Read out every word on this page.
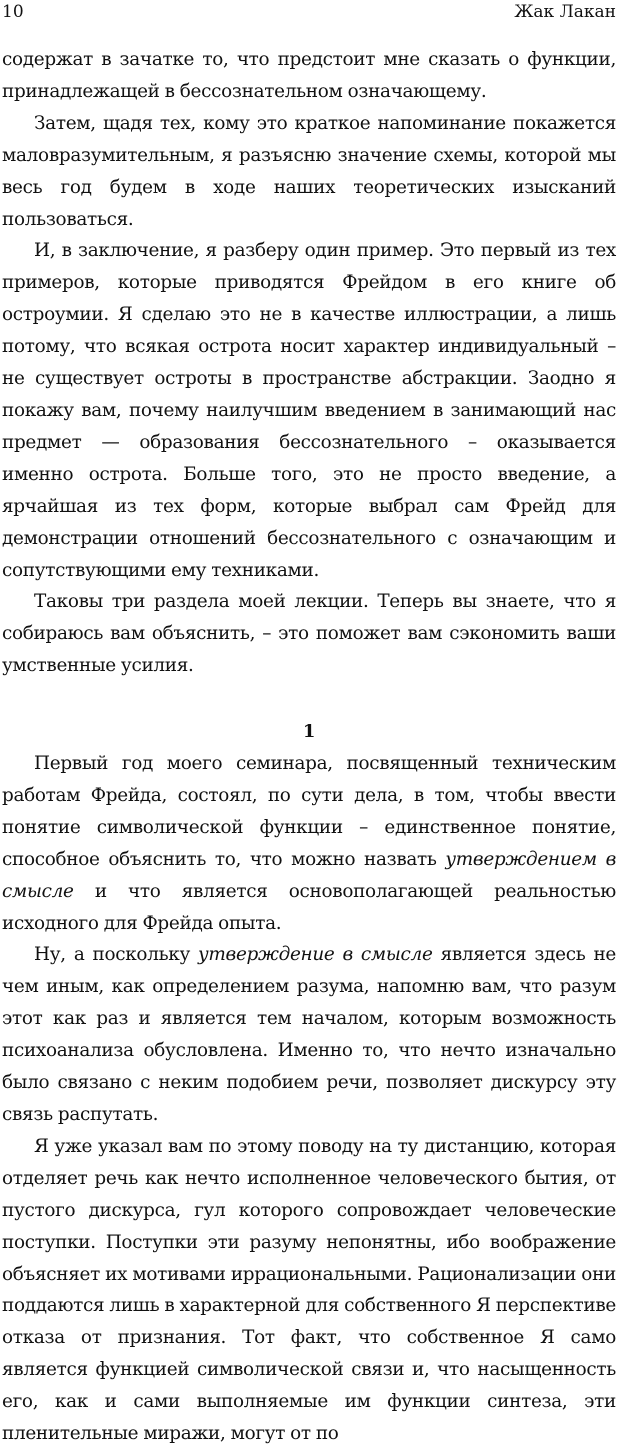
10	Жак Лакан

содержат в зачатке то, что предстоит мне сказать о функции, принадлежащей в бессознательном означающему.

Затем, щадя тех, кому это краткое напоминание покажется маловразумительным, я разъясню значение схемы, которой мы весь год будем в ходе наших теоретических изысканий пользоваться.

И, в заключение, я разберу один пример. Это первый из тех примеров, которые приводятся Фрейдом в его книге об остроумии. Я сделаю это не в качестве иллюстрации, а лишь потому, что всякая острота носит характер индивидуальный – не существует остроты в пространстве абстракции. Заодно я покажу вам, почему наилучшим введением в занимающий нас предмет — образования бессознательного – оказывается именно острота. Больше того, это не просто введение, а ярчайшая из тех форм, которые выбрал сам Фрейд для демонстрации отношений бессознательного с означающим и сопутствующими ему техниками.

Таковы три раздела моей лекции. Теперь вы знаете, что я собираюсь вам объяснить, – это поможет вам сэкономить ваши умственные усилия.

1

Первый год моего семинара, посвященный техническим работам Фрейда, состоял, по сути дела, в том, чтобы ввести понятие символической функции – единственное понятие, способное объяснить то, что можно назвать утверждением в смысле и что является основополагающей реальностью исходного для Фрейда опыта.

Ну, а поскольку утверждение в смысле является здесь не чем иным, как определением разума, напомню вам, что разум этот как раз и является тем началом, которым возможность психоанализа обусловлена. Именно то, что нечто изначально было связано с неким подобием речи, позволяет дискурсу эту связь распутать.

Я уже указал вам по этому поводу на ту дистанцию, которая отделяет речь как нечто исполненное человеческого бытия, от пустого дискурса, гул которого сопровождает человеческие поступки. Поступки эти разуму непонятны, ибо воображение объясняет их мотивами иррациональными. Рационализации они поддаются лишь в характерной для собственного Я перспективе отказа от признания. Тот факт, что собственное Я само является функцией символической связи и, что насыщенность его, как и сами выполняемые им функции синтеза, эти пленительные миражи, могут от по
